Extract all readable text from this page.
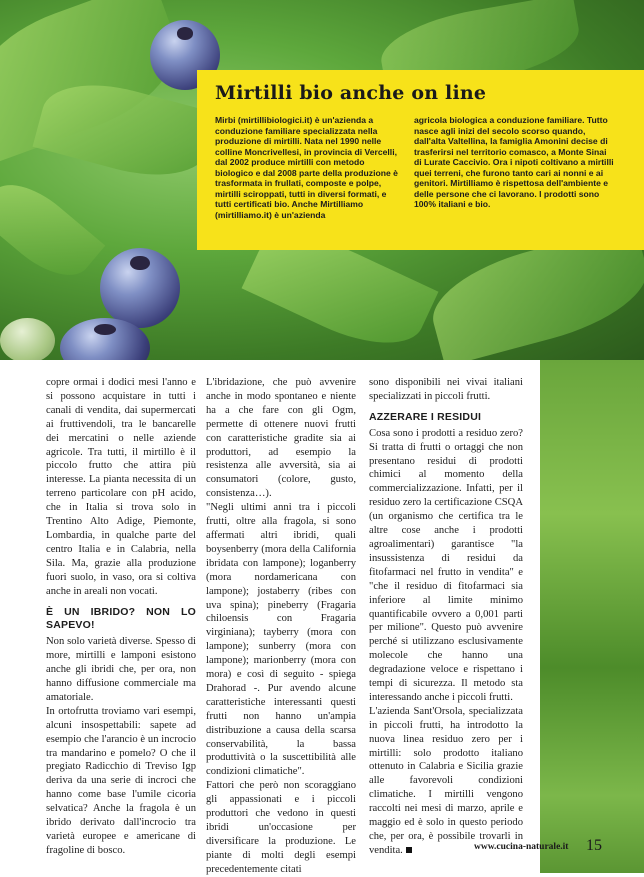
Mirtilli bio anche on line
Mirbi (mirtillibiologici.it) è un'azienda a conduzione familiare specializzata nella produzione di mirtilli. Nata nel 1990 nelle colline Moncrivellesi, in provincia di Vercelli, dal 2002 produce mirtilli con metodo biologico e dal 2008 parte della produzione è trasformata in frullati, composte e polpe, mirtilli sciroppati, tutti in diversi formati, e tutti certificati bio. Anche Mirtilliamo (mirtilliamo.it) è un'azienda
agricola biologica a conduzione familiare. Tutto nasce agli inizi del secolo scorso quando, dall'alta Valtellina, la famiglia Amonini decise di trasferirsi nel territorio comasco, a Monte Sinai di Lurate Caccivio. Ora i nipoti coltivano a mirtilli quei terreni, che furono tanto cari ai nonni e ai genitori. Mirtilliamo è rispettosa dell'ambiente e delle persone che ci lavorano. I prodotti sono 100% italiani e bio.

copre ormai i dodici mesi l'anno e si possono acquistare in tutti i canali di vendita, dai supermercati ai fruttivendoli, tra le bancarelle dei mercatini o nelle aziende agricole. Tra tutti, il mirtillo è il piccolo frutto che attira più interesse. La pianta necessita di un terreno particolare con pH acido, che in Italia si trova solo in Trentino Alto Adige, Piemonte, Lombardia, in qualche parte del centro Italia e in Calabria, nella Sila. Ma, grazie alla produzione fuori suolo, in vaso, ora si coltiva anche in areali non vocati.

È UN IBRIDO? NON LO SAPEVO!

Non solo varietà diverse. Spesso di more, mirtilli e lamponi esistono anche gli ibridi che, per ora, non hanno diffusione commerciale ma amatoriale.

In ortofrutta troviamo vari esempi, alcuni insospettabili: sapete ad esempio che l'arancio è un incrocio tra mandarino e pomelo? O che il pregiato Radicchio di Treviso Igp deriva da una serie di incroci che hanno come base l'umile cicoria selvatica? Anche la fragola è un ibrido derivato dall'incrocio tra varietà europee e americane di fragoline di bosco.

L'ibridazione, che può avvenire anche in modo spontaneo e niente ha a che fare con gli Ogm, permette di ottenere nuovi frutti con caratteristiche gradite sia ai produttori, ad esempio la resistenza alle avversità, sia ai consumatori (colore, gusto, consistenza…).

"Negli ultimi anni tra i piccoli frutti, oltre alla fragola, si sono affermati altri ibridi, quali boysenberry (mora della California ibridata con lampone); loganberry (mora nordamericana con lampone); jostaberry (ribes con uva spina); pineberry (Fragaria chiloensis con Fragaria virginiana); tayberry (mora con lampone); sunberry (mora con lampone); marionberry (mora con mora) e così di seguito - spiega Drahorad -. Pur avendo alcune caratteristiche interessanti questi frutti non hanno un'ampia distribuzione a causa della scarsa conservabilità, la bassa produttività o la suscettibilità alle condizioni climatiche".

Fattori che però non scoraggiano gli appassionati e i piccoli produttori che vedono in questi ibridi un'occasione per diversificare la produzione. Le piante di molti degli esempi precedentemente citati

sono disponibili nei vivai italiani specializzati in piccoli frutti.

AZZERARE I RESIDUI

Cosa sono i prodotti a residuo zero? Si tratta di frutti o ortaggi che non presentano residui di prodotti chimici al momento della commercializzazione. Infatti, per il residuo zero la certificazione CSQA (un organismo che certifica tra le altre cose anche i prodotti agroalimentari) garantisce "la insussistenza di residui da fitofarmaci nel frutto in vendita" e "che il residuo di fitofarmaci sia inferiore al limite minimo quantificabile ovvero a 0,001 parti per milione". Questo può avvenire perché si utilizzano esclusivamente molecole che hanno una degradazione veloce e rispettano i tempi di sicurezza. Il metodo sta interessando anche i piccoli frutti.

L'azienda Sant'Orsola, specializzata in piccoli frutti, ha introdotto la nuova linea residuo zero per i mirtilli: solo prodotto italiano ottenuto in Calabria e Sicilia grazie alle favorevoli condizioni climatiche. I mirtilli vengono raccolti nei mesi di marzo, aprile e maggio ed è solo in questo periodo che, per ora, è possibile trovarli in vendita.	www.cucina-naturale.it 15
